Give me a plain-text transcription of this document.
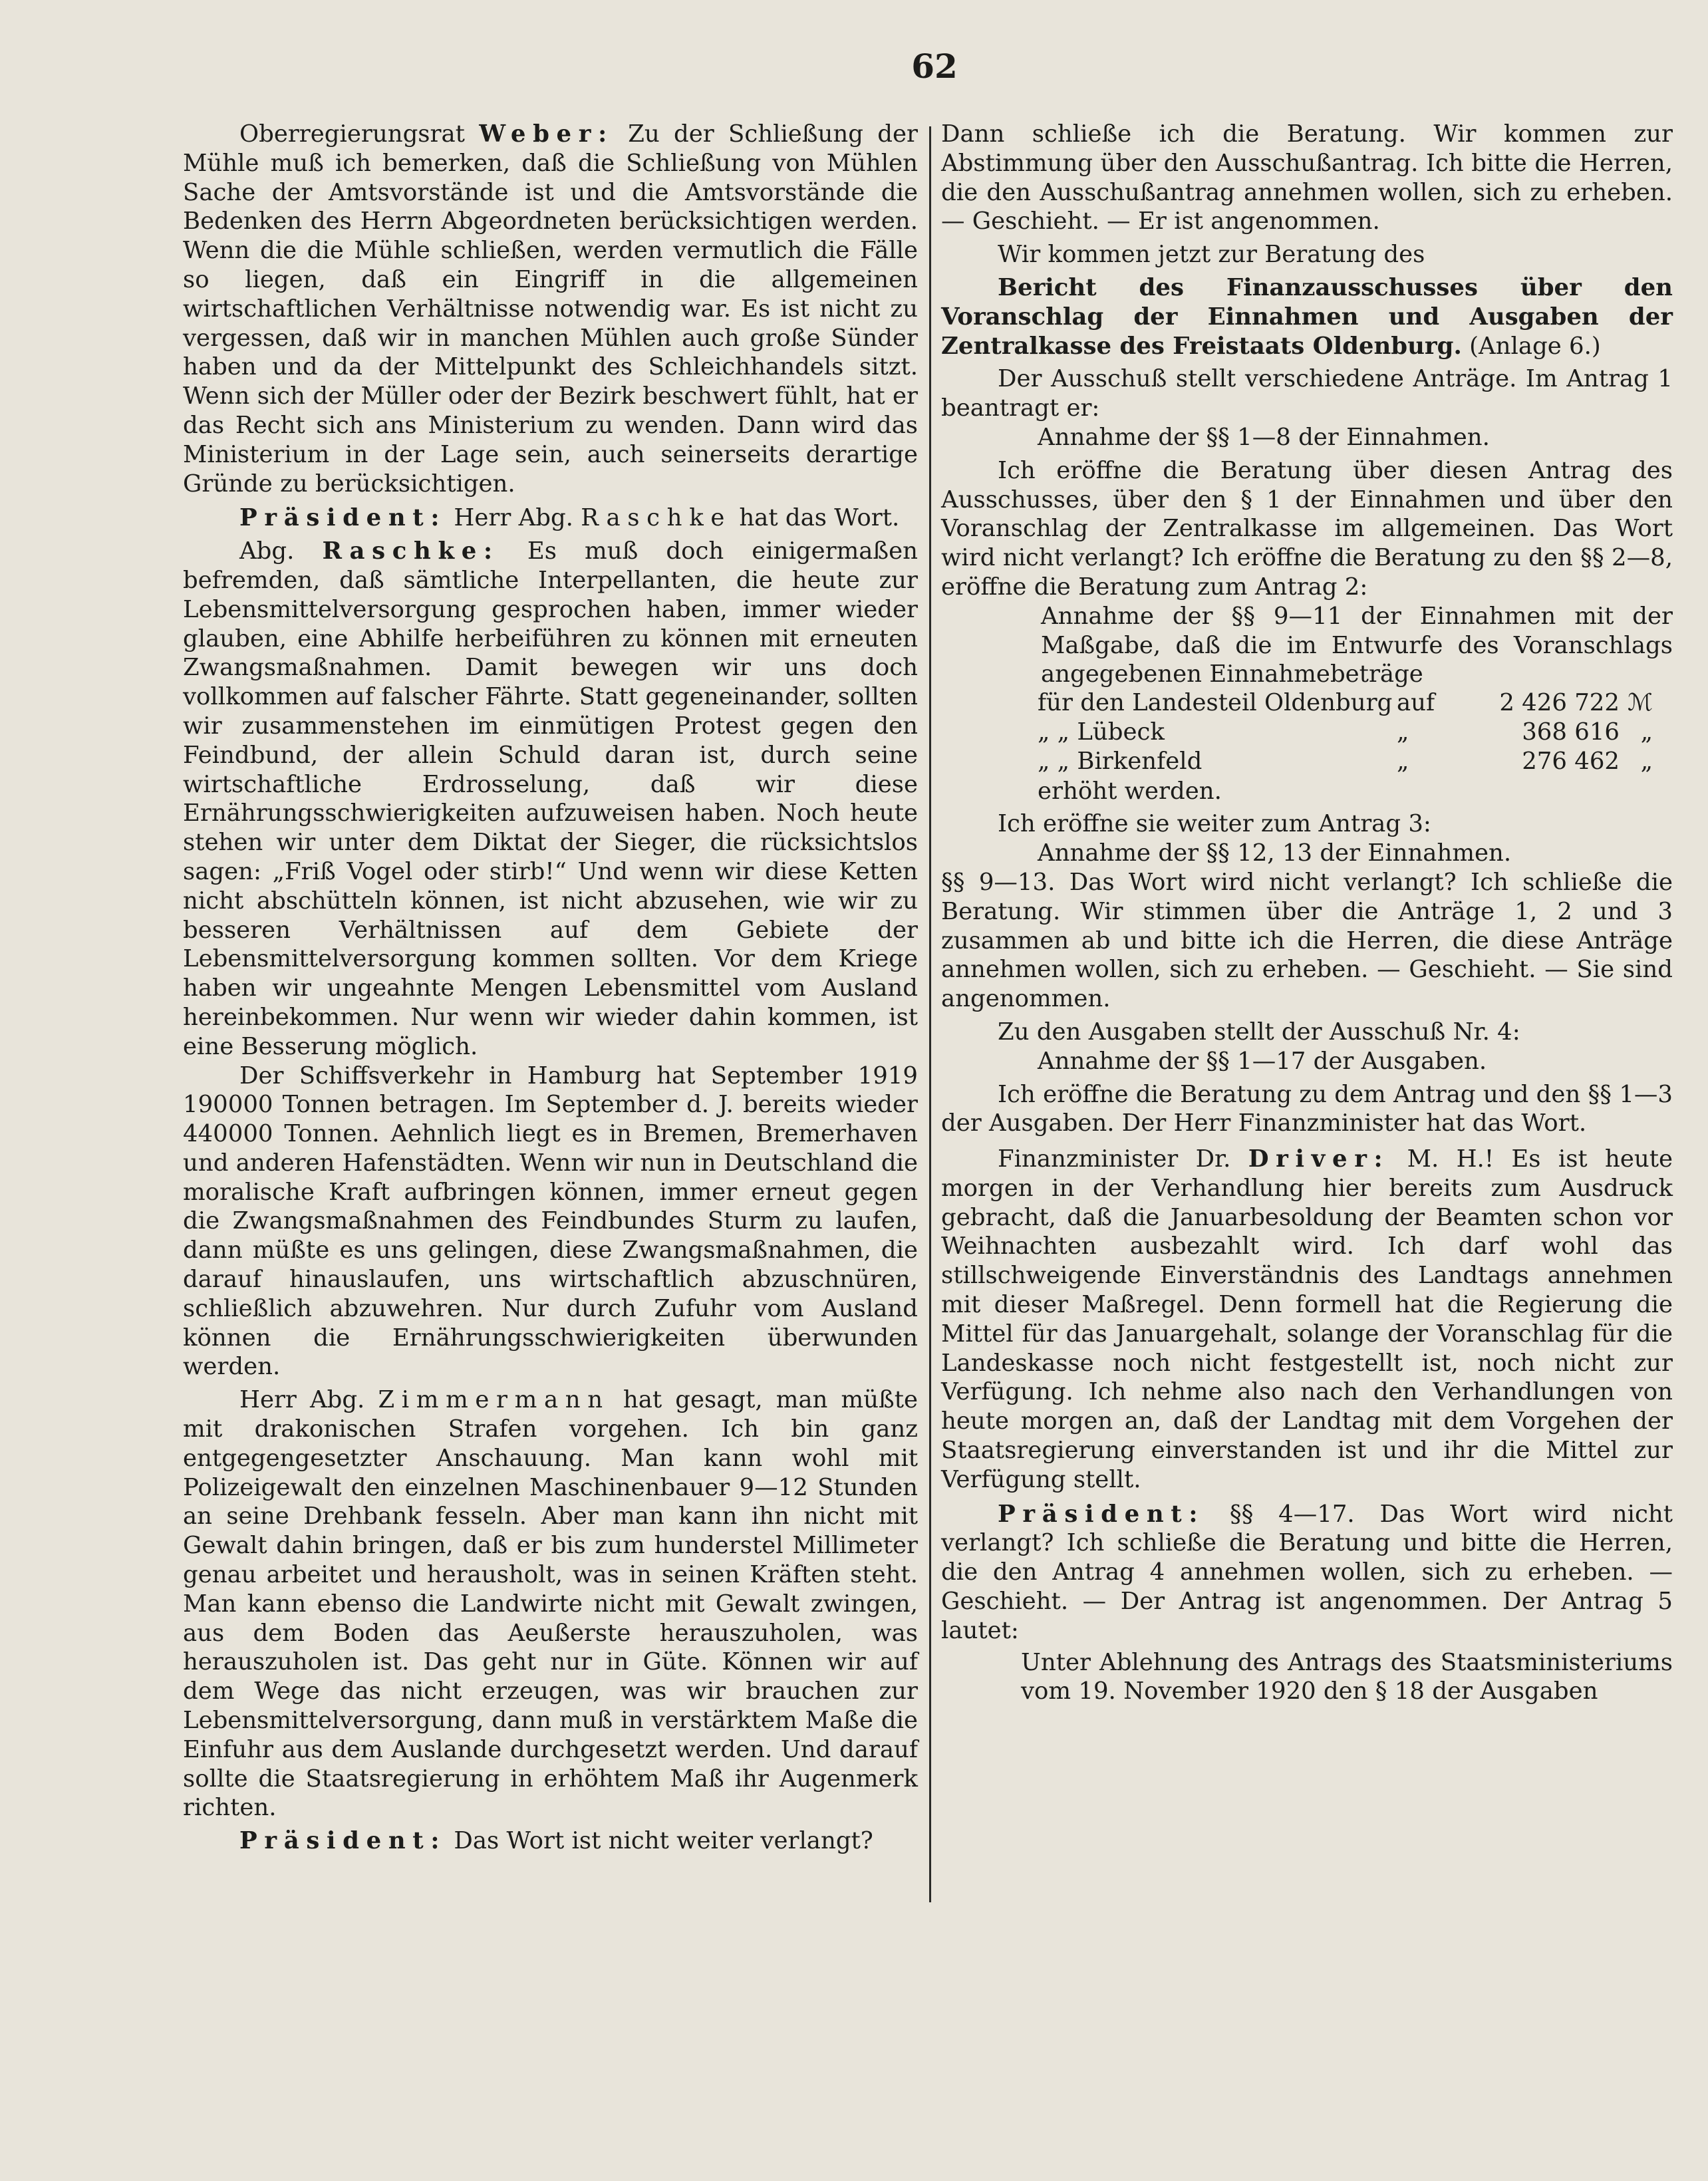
62

Oberregierungsrat Weber: Zu der Schließung der Mühle muß ich bemerken, daß die Schließung von Mühlen Sache der Amtsvorstände ist und die Amtsvorstände die Bedenken des Herrn Abgeordneten berücksichtigen werden. Wenn die die Mühle schließen, werden vermutlich die Fälle so liegen, daß ein Eingriff in die allgemeinen wirtschaftlichen Verhältnisse notwendig war. Es ist nicht zu vergessen, daß wir in manchen Mühlen auch große Sünder haben und da der Mittelpunkt des Schleichhandels sitzt. Wenn sich der Müller oder der Bezirk beschwert fühlt, hat er das Recht sich ans Ministerium zu wenden. Dann wird das Ministerium in der Lage sein, auch seinerseits derartige Gründe zu berücksichtigen.

Präsident: Herr Abg. Raschke hat das Wort.

Abg. Raschke: Es muß doch einigermaßen befremden, daß sämtliche Interpellanten, die heute zur Lebensmittelversorgung gesprochen haben, immer wieder glauben, eine Abhilfe herbeiführen zu können mit erneuten Zwangsmaßnahmen. Damit bewegen wir uns doch vollkommen auf falscher Fährte. Statt gegeneinander, sollten wir zusammenstehen im einmütigen Protest gegen den Feindbund, der allein Schuld daran ist, durch seine wirtschaftliche Erdrosselung, daß wir diese Ernährungsschwierigkeiten aufzuweisen haben. Noch heute stehen wir unter dem Diktat der Sieger, die rücksichtslos sagen: „Friß Vogel oder stirb!“ Und wenn wir diese Ketten nicht abschütteln können, ist nicht abzusehen, wie wir zu besseren Verhältnissen auf dem Gebiete der Lebensmittelversorgung kommen sollten. Vor dem Kriege haben wir ungeahnte Mengen Lebensmittel vom Ausland hereinbekommen. Nur wenn wir wieder dahin kommen, ist eine Besserung möglich.

Der Schiffsverkehr in Hamburg hat September 1919 190000 Tonnen betragen. Im September d. J. bereits wieder 440000 Tonnen. Aehnlich liegt es in Bremen, Bremerhaven und anderen Hafenstädten. Wenn wir nun in Deutschland die moralische Kraft aufbringen können, immer erneut gegen die Zwangsmaßnahmen des Feindbundes Sturm zu laufen, dann müßte es uns gelingen, diese Zwangsmaßnahmen, die darauf hinauslaufen, uns wirtschaftlich abzuschnüren, schließlich abzuwehren. Nur durch Zufuhr vom Ausland können die Ernährungsschwierigkeiten überwunden werden.

Herr Abg. Zimmermann hat gesagt, man müßte mit drakonischen Strafen vorgehen. Ich bin ganz entgegengesetzter Anschauung. Man kann wohl mit Polizeigewalt den einzelnen Maschinenbauer 9—12 Stunden an seine Drehbank fesseln. Aber man kann ihn nicht mit Gewalt dahin bringen, daß er bis zum hunderstel Millimeter genau arbeitet und herausholt, was in seinen Kräften steht. Man kann ebenso die Landwirte nicht mit Gewalt zwingen, aus dem Boden das Aeußerste herauszuholen, was herauszuholen ist. Das geht nur in Güte. Können wir auf dem Wege das nicht erzeugen, was wir brauchen zur Lebensmittelversorgung, dann muß in verstärktem Maße die Einfuhr aus dem Auslande durchgesetzt werden. Und darauf sollte die Staatsregierung in erhöhtem Maß ihr Augenmerk richten.

Präsident: Das Wort ist nicht weiter verlangt?

Dann schließe ich die Beratung. Wir kommen zur Abstimmung über den Ausschußantrag. Ich bitte die Herren, die den Ausschußantrag annehmen wollen, sich zu erheben. — Geschieht. — Er ist angenommen.

Wir kommen jetzt zur Beratung des

Bericht des Finanzausschusses über den Voranschlag der Einnahmen und Ausgaben der Zentralkasse des Freistaats Oldenburg. (Anlage 6.)

Der Ausschuß stellt verschiedene Anträge. Im Antrag 1 beantragt er:

Annahme der §§ 1—8 der Einnahmen.

Ich eröffne die Beratung über diesen Antrag des Ausschusses, über den § 1 der Einnahmen und über den Voranschlag der Zentralkasse im allgemeinen. Das Wort wird nicht verlangt? Ich eröffne die Beratung zu den §§ 2—8, eröffne die Beratung zum Antrag 2:

Annahme der §§ 9—11 der Einnahmen mit der Maßgabe, daß die im Entwurfe des Voranschlags angegebenen Einnahmebeträge

für den Landesteil Oldenburg	auf	2 426 722	ℳ
„ „ Lübeck	„	368 616	„
„ „ Birkenfeld	„	276 462	„

erhöht werden.

Ich eröffne sie weiter zum Antrag 3:

Annahme der §§ 12, 13 der Einnahmen.

§§ 9—13. Das Wort wird nicht verlangt? Ich schließe die Beratung. Wir stimmen über die Anträge 1, 2 und 3 zusammen ab und bitte ich die Herren, die diese Anträge annehmen wollen, sich zu erheben. — Geschieht. — Sie sind angenommen.

Zu den Ausgaben stellt der Ausschuß Nr. 4:

Annahme der §§ 1—17 der Ausgaben.

Ich eröffne die Beratung zu dem Antrag und den §§ 1—3 der Ausgaben. Der Herr Finanzminister hat das Wort.

Finanzminister Dr. Driver: M. H.! Es ist heute morgen in der Verhandlung hier bereits zum Ausdruck gebracht, daß die Januarbesoldung der Beamten schon vor Weihnachten ausbezahlt wird. Ich darf wohl das stillschweigende Einverständnis des Landtags annehmen mit dieser Maßregel. Denn formell hat die Regierung die Mittel für das Januargehalt, solange der Voranschlag für die Landeskasse noch nicht festgestellt ist, noch nicht zur Verfügung. Ich nehme also nach den Verhandlungen von heute morgen an, daß der Landtag mit dem Vorgehen der Staatsregierung einverstanden ist und ihr die Mittel zur Verfügung stellt.

Präsident: §§ 4—17. Das Wort wird nicht verlangt? Ich schließe die Beratung und bitte die Herren, die den Antrag 4 annehmen wollen, sich zu erheben. — Geschieht. — Der Antrag ist angenommen. Der Antrag 5 lautet:

Unter Ablehnung des Antrags des Staatsministeriums vom 19. November 1920 den § 18 der Ausgaben
